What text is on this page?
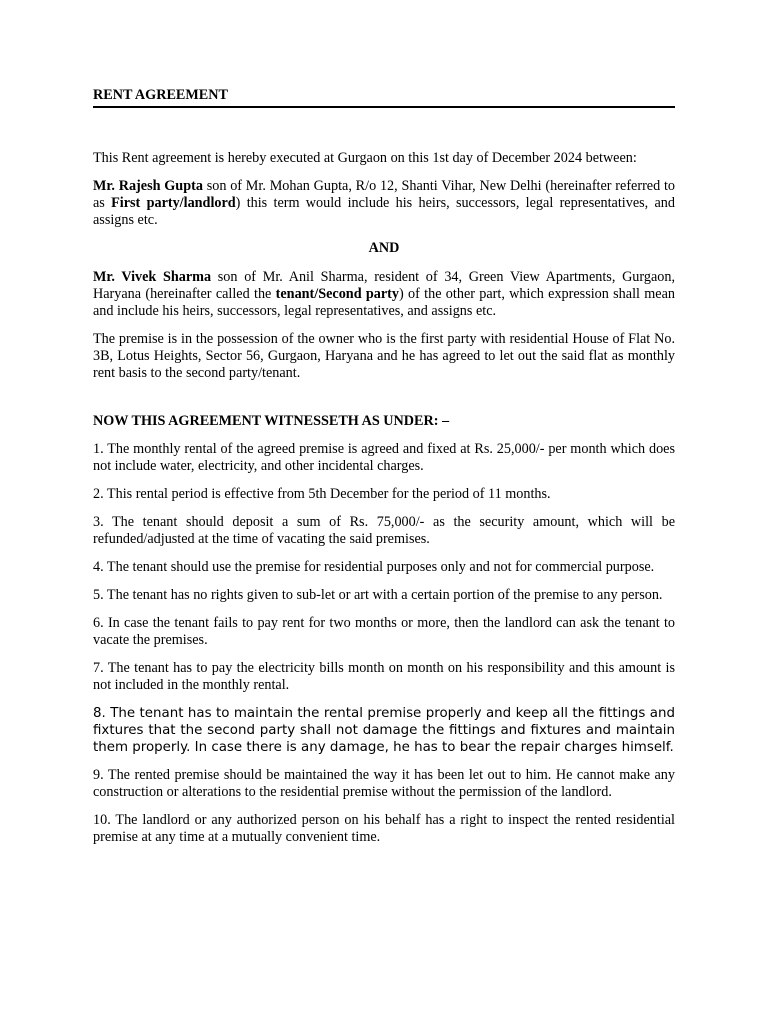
RENT AGREEMENT

This Rent agreement is hereby executed at Gurgaon on this 1st day of December 2024 between:

Mr. Rajesh Gupta son of Mr. Mohan Gupta, R/o 12, Shanti Vihar, New Delhi (hereinafter referred to as First party/landlord) this term would include his heirs, successors, legal representatives, and assigns etc.

AND

Mr. Vivek Sharma son of Mr. Anil Sharma, resident of 34, Green View Apartments, Gurgaon, Haryana (hereinafter called the tenant/Second party) of the other part, which expression shall mean and include his heirs, successors, legal representatives, and assigns etc.

The premise is in the possession of the owner who is the first party with residential House of Flat No. 3B, Lotus Heights, Sector 56, Gurgaon, Haryana and he has agreed to let out the said flat as monthly rent basis to the second party/tenant.

NOW THIS AGREEMENT WITNESSETH AS UNDER: –

1. The monthly rental of the agreed premise is agreed and fixed at Rs. 25,000/- per month which does not include water, electricity, and other incidental charges.

2. This rental period is effective from 5th December for the period of 11 months.

3. The tenant should deposit a sum of Rs. 75,000/- as the security amount, which will be refunded/adjusted at the time of vacating the said premises.

4. The tenant should use the premise for residential purposes only and not for commercial purpose.

5. The tenant has no rights given to sub-let or art with a certain portion of the premise to any person.

6. In case the tenant fails to pay rent for two months or more, then the landlord can ask the tenant to vacate the premises.

7. The tenant has to pay the electricity bills month on month on his responsibility and this amount is not included in the monthly rental.

8. The tenant has to maintain the rental premise properly and keep all the fittings and fixtures that the second party shall not damage the fittings and fixtures and maintain them properly. In case there is any damage, he has to bear the repair charges himself.

9. The rented premise should be maintained the way it has been let out to him. He cannot make any construction or alterations to the residential premise without the permission of the landlord.

10. The landlord or any authorized person on his behalf has a right to inspect the rented residential premise at any time at a mutually convenient time.
